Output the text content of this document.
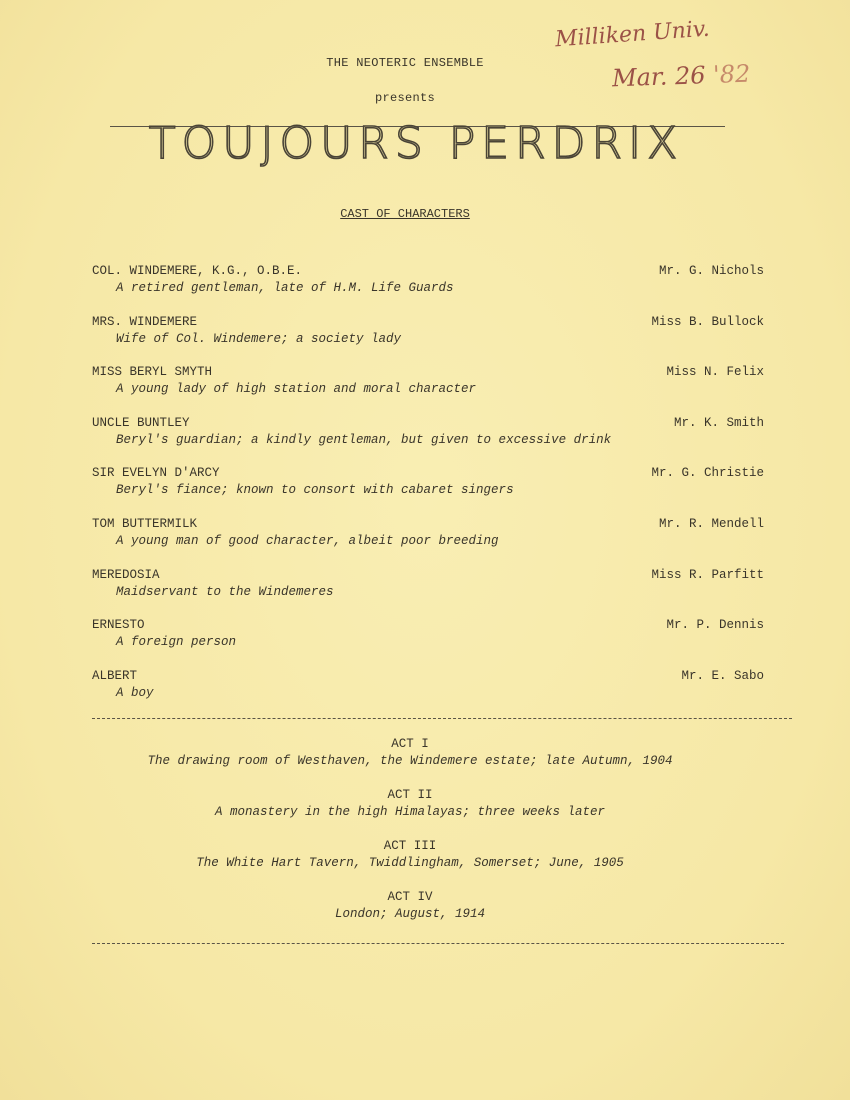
Milliken Univ.
Mar. 26 '82
THE NEOTERIC ENSEMBLE
presents
TOUJOURS PERDRIX
CAST OF CHARACTERS
COL. WINDEMERE, K.G., O.B.E.	Mr. G. Nichols
A retired gentleman, late of H.M. Life Guards
MRS. WINDEMERE	Miss B. Bullock
Wife of Col. Windemere; a society lady
MISS BERYL SMYTH	Miss N. Felix
A young lady of high station and moral character
UNCLE BUNTLEY	Mr. K. Smith
Beryl's guardian; a kindly gentleman, but given to excessive drink
SIR EVELYN D'ARCY	Mr. G. Christie
Beryl's fiance; known to consort with cabaret singers
TOM BUTTERMILK	Mr. R. Mendell
A young man of good character, albeit poor breeding
MEREDOSIA	Miss R. Parfitt
Maidservant to the Windemeres
ERNESTO	Mr. P. Dennis
A foreign person
ALBERT	Mr. E. Sabo
A boy
ACT I
The drawing room of Westhaven, the Windemere estate; late Autumn, 1904
ACT II
A monastery in the high Himalayas; three weeks later
ACT III
The White Hart Tavern, Twiddlingham, Somerset; June, 1905
ACT IV
London; August, 1914
